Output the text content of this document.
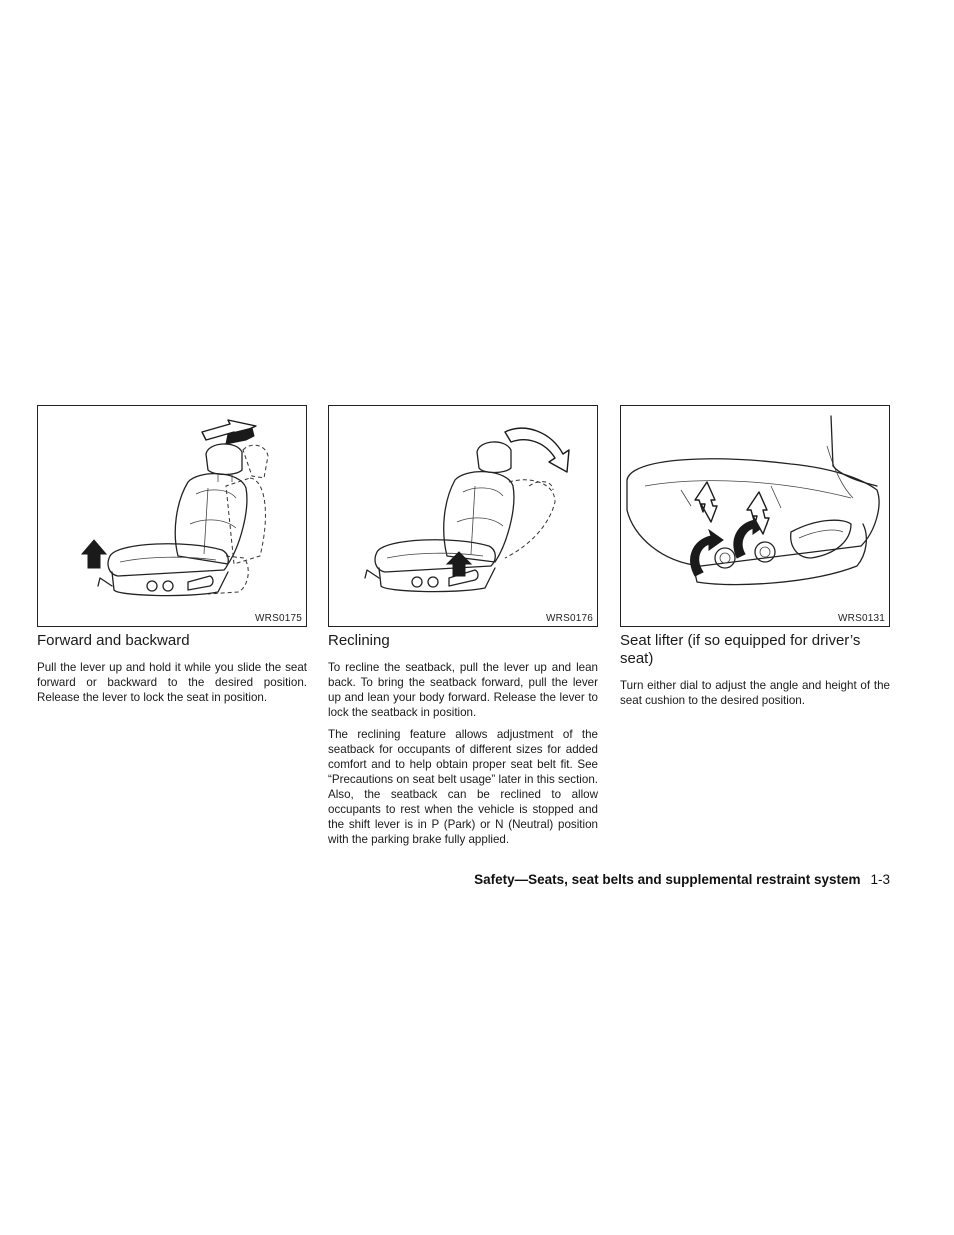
WRS0175
Forward and backward

Pull the lever up and hold it while you slide the seat forward or backward to the desired position. Release the lever to lock the seat in position.

WRS0176
Reclining

To recline the seatback, pull the lever up and lean back. To bring the seatback forward, pull the lever up and lean your body forward. Release the lever to lock the seatback in position.

The reclining feature allows adjustment of the seatback for occupants of different sizes for added comfort and to help obtain proper seat belt fit. See “Precautions on seat belt usage” later in this section. Also, the seatback can be reclined to allow occupants to rest when the vehicle is stopped and the shift lever is in P (Park) or N (Neutral) position with the parking brake fully applied.

WRS0131
Seat lifter (if so equipped for driver’s seat)

Turn either dial to adjust the angle and height of the seat cushion to the desired position.

Safety—Seats, seat belts and supplemental restraint system 1-3
